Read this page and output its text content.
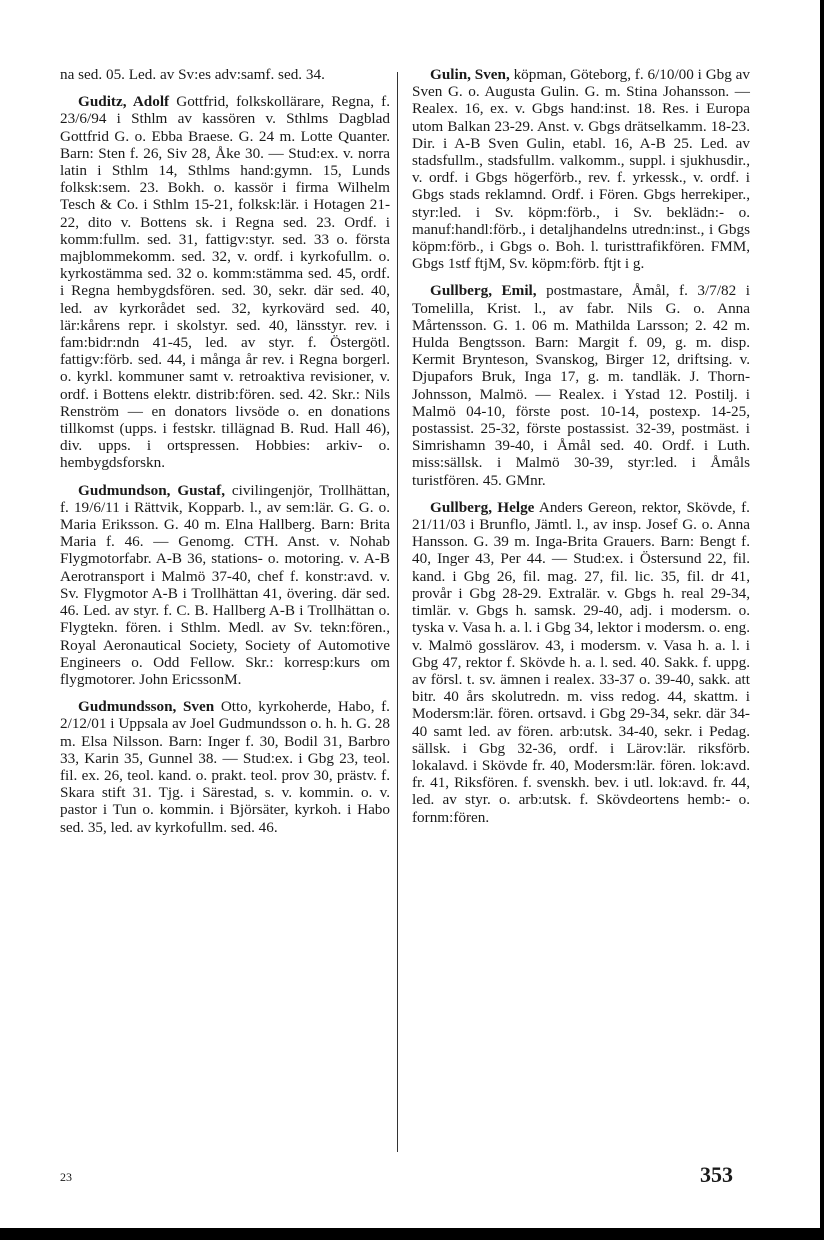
na sed. 05. Led. av Sv:es adv:samf. sed. 34.

Guditz, Adolf Gottfrid, folkskollärare, Regna, f. 23/6/94 i Sthlm av kassören v. Sthlms Dagblad Gottfrid G. o. Ebba Braese. G. 24 m. Lotte Quanter. Barn: Sten f. 26, Siv 28, Åke 30. — Stud:ex. v. norra latin i Sthlm 14, Sthlms hand:gymn. 15, Lunds folksk:sem. 23. Bokh. o. kassör i firma Wilhelm Tesch & Co. i Sthlm 15-21, folksk:lär. i Hotagen 21-22, dito v. Bottens sk. i Regna sed. 23. Ordf. i komm:fullm. sed. 31, fattigv:styr. sed. 33 o. första majblommekomm. sed. 32, v. ordf. i kyrkofullm. o. kyrkostämma sed. 32 o. komm:stämma sed. 45, ordf. i Regna hembygdsfören. sed. 30, sekr. där sed. 40, led. av kyrkorådet sed. 32, kyrkovärd sed. 40, lär:kårens repr. i skolstyr. sed. 40, länsstyr. rev. i fam:bidr:ndn 41-45, led. av styr. f. Östergötl. fattigv:förb. sed. 44, i många år rev. i Regna borgerl. o. kyrkl. kommuner samt v. retroaktiva revisioner, v. ordf. i Bottens elektr. distrib:fören. sed. 42. Skr.: Nils Renström — en donators livsöde o. en donations tillkomst (upps. i festskr. tillägnad B. Rud. Hall 46), div. upps. i ortspressen. Hobbies: arkiv- o. hembygdsforskn.

Gudmundson, Gustaf, civilingenjör, Trollhättan, f. 19/6/11 i Rättvik, Kopparb. l., av sem:lär. G. G. o. Maria Eriksson. G. 40 m. Elna Hallberg. Barn: Brita Maria f. 46. — Genomg. CTH. Anst. v. Nohab Flygmotorfabr. A-B 36, stations- o. motoring. v. A-B Aerotransport i Malmö 37-40, chef f. konstr:avd. v. Sv. Flygmotor A-B i Trollhättan 41, övering. där sed. 46. Led. av styr. f. C. B. Hallberg A-B i Trollhättan o. Flygtekn. fören. i Sthlm. Medl. av Sv. tekn:fören., Royal Aeronautical Society, Society of Automotive Engineers o. Odd Fellow. Skr.: korresp:kurs om flygmotorer. John EricssonM.

Gudmundsson, Sven Otto, kyrkoherde, Habo, f. 2/12/01 i Uppsala av Joel Gudmundsson o. h. h. G. 28 m. Elsa Nilsson. Barn: Inger f. 30, Bodil 31, Barbro 33, Karin 35, Gunnel 38. — Stud:ex. i Gbg 23, teol. fil. ex. 26, teol. kand. o. prakt. teol. prov 30, prästv. f. Skara stift 31. Tjg. i Särestad, s. v. kommin. o. v. pastor i Tun o. kommin. i Björsäter, kyrkoh. i Habo sed. 35, led. av kyrkofullm. sed. 46.

Gulin, Sven, köpman, Göteborg, f. 6/10/00 i Gbg av Sven G. o. Augusta Gulin. G. m. Stina Johansson. — Realex. 16, ex. v. Gbgs hand:inst. 18. Res. i Europa utom Balkan 23-29. Anst. v. Gbgs drätselkamm. 18-23. Dir. i A-B Sven Gulin, etabl. 16, A-B 25. Led. av stadsfullm., stadsfullm. valkomm., suppl. i sjukhusdir., v. ordf. i Gbgs högerförb., rev. f. yrkessk., v. ordf. i Gbgs stads reklamnd. Ordf. i Fören. Gbgs herrekiper., styr:led. i Sv. köpm:förb., i Sv. beklädn:- o. manuf:handl:förb., i detaljhandelns utredn:inst., i Gbgs köpm:förb., i Gbgs o. Boh. l. turisttrafikfören. FMM, Gbgs 1stf ftjM, Sv. köpm:förb. ftjt i g.

Gullberg, Emil, postmastare, Åmål, f. 3/7/82 i Tomelilla, Krist. l., av fabr. Nils G. o. Anna Mårtensson. G. 1. 06 m. Mathilda Larsson; 2. 42 m. Hulda Bengtsson. Barn: Margit f. 09, g. m. disp. Kermit Brynteson, Svanskog, Birger 12, driftsing. v. Djupafors Bruk, Inga 17, g. m. tandläk. J. Thorn-Johnsson, Malmö. — Realex. i Ystad 12. Postilj. i Malmö 04-10, förste post. 10-14, postexp. 14-25, postassist. 25-32, förste postassist. 32-39, postmäst. i Simrishamn 39-40, i Åmål sed. 40. Ordf. i Luth. miss:sällsk. i Malmö 30-39, styr:led. i Åmåls turistfören. 45. GMnr.

Gullberg, Helge Anders Gereon, rektor, Skövde, f. 21/11/03 i Brunflo, Jämtl. l., av insp. Josef G. o. Anna Hansson. G. 39 m. Inga-Brita Grauers. Barn: Bengt f. 40, Inger 43, Per 44. — Stud:ex. i Östersund 22, fil. kand. i Gbg 26, fil. mag. 27, fil. lic. 35, fil. dr 41, provår i Gbg 28-29. Extralär. v. Gbgs h. real 29-34, timlär. v. Gbgs h. samsk. 29-40, adj. i modersm. o. tyska v. Vasa h. a. l. i Gbg 34, lektor i modersm. o. eng. v. Malmö gosslärov. 43, i modersm. v. Vasa h. a. l. i Gbg 47, rektor f. Skövde h. a. l. sed. 40. Sakk. f. uppg. av försl. t. sv. ämnen i realex. 33-37 o. 39-40, sakk. att bitr. 40 års skolutredn. m. viss redog. 44, skattm. i Modersm:lär. fören. ortsavd. i Gbg 29-34, sekr. där 34-40 samt led. av fören. arb:utsk. 34-40, sekr. i Pedag. sällsk. i Gbg 32-36, ordf. i Lärov:lär. riksförb. lokalavd. i Skövde fr. 40, Modersm:lär. fören. lok:avd. fr. 41, Riksfören. f. svenskh. bev. i utl. lok:avd. fr. 44, led. av styr. o. arb:utsk. f. Skövdeortens hemb:- o. fornm:fören.

23	353
